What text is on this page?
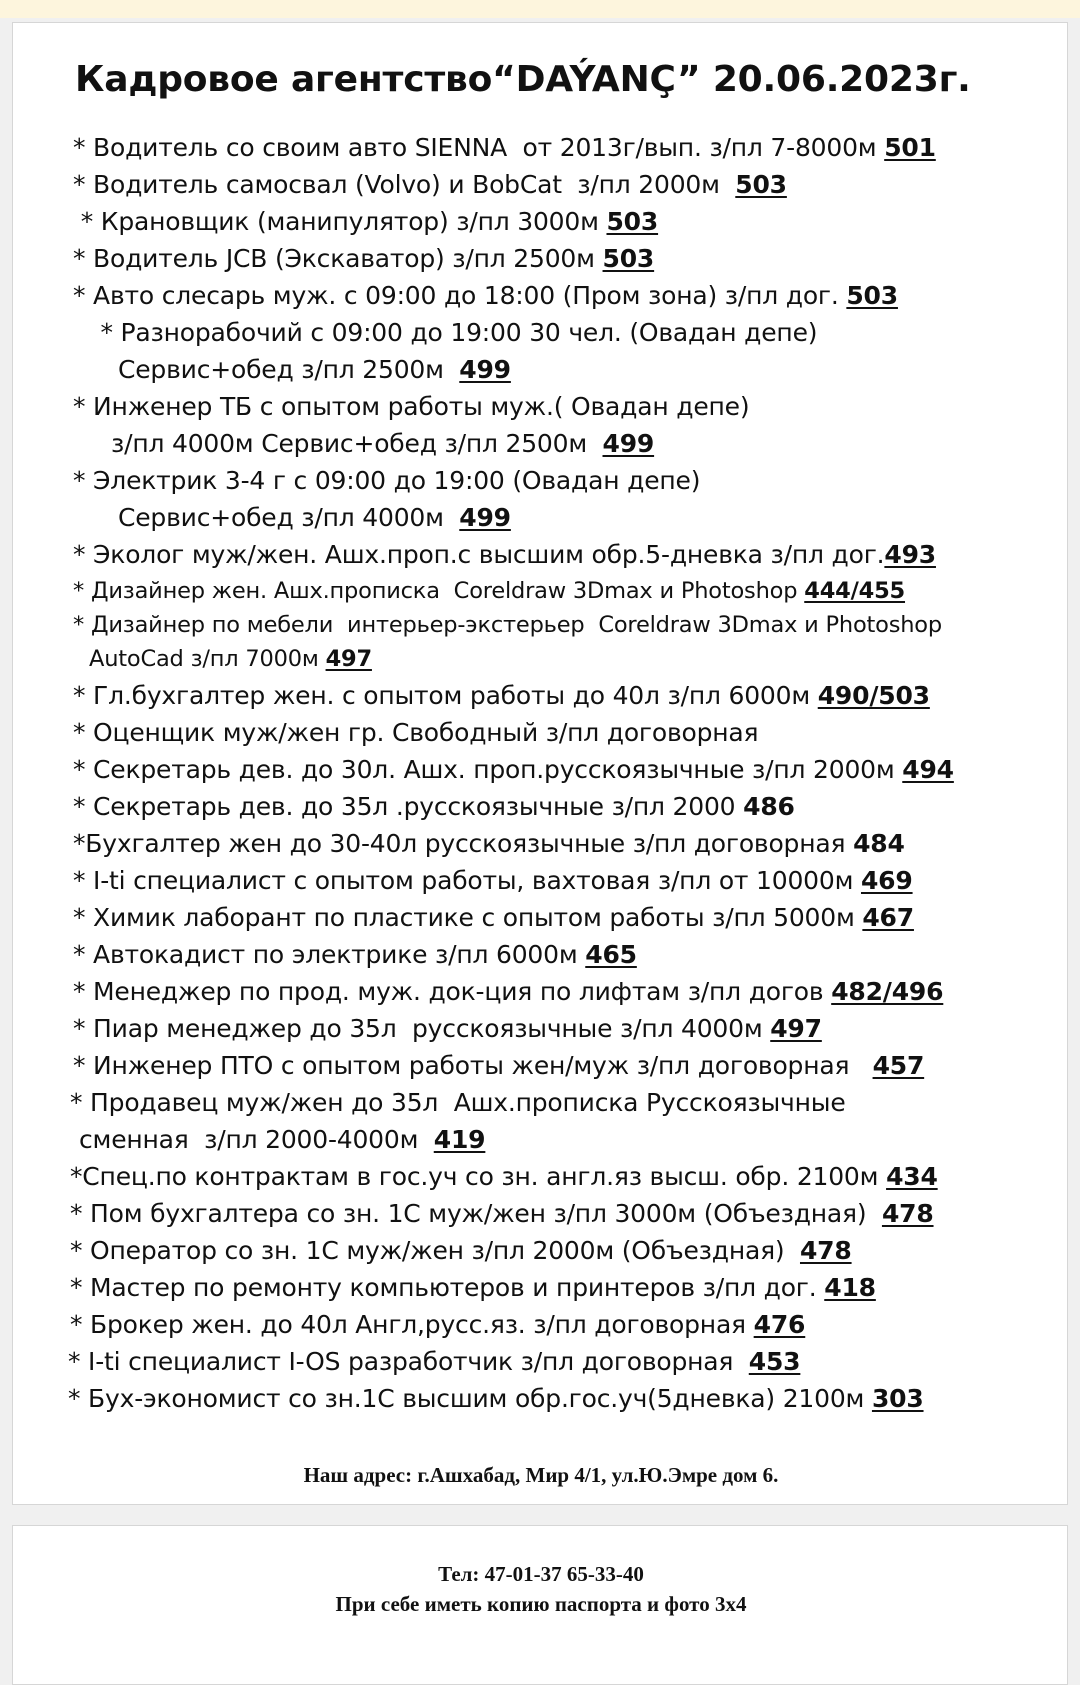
Кадровое агентство“DAÝANÇ” 20.06.2023г.
* Водитель со своим авто SIENNA  от 2013г/вып. з/пл 7-8000м 501
* Водитель самосвал (Volvo) и BobCat  з/пл 2000м  503
* Крановщик (манипулятор) з/пл 3000м 503
* Водитель JCB (Экскаватор) з/пл 2500м 503
* Авто слесарь муж. с 09:00 до 18:00 (Пром зона) з/пл дог. 503
* Разнорабочий с 09:00 до 19:00 30 чел. (Овадан депе)
Сервис+обед з/пл 2500м  499
* Инженер ТБ с опытом работы муж.( Овадан депе)
з/пл 4000м Сервис+обед з/пл 2500м  499
* Электрик 3-4 г с 09:00 до 19:00 (Овадан депе)
Сервис+обед з/пл 4000м  499
* Эколог муж/жен. Ашх.проп.с высшим обр.5-дневка з/пл дог.493
* Дизайнер жен. Ашх.прописка  Coreldraw 3Dmax и Photoshop 444/455
* Дизайнер по мебели  интерьер-экстерьер  Coreldraw 3Dmax и Photoshop
AutoCad з/пл 7000м 497
* Гл.бухгалтер жен. с опытом работы до 40л з/пл 6000м 490/503
* Оценщик муж/жен гр. Свободный з/пл договорная
* Секретарь дев. до 30л. Ашх. проп.русскоязычные з/пл 2000м 494
* Секретарь дев. до 35л .русскоязычные з/пл 2000 486
*Бухгалтер жен до 30-40л русскоязычные з/пл договорная 484
* I-ti специалист с опытом работы, вахтовая з/пл от 10000м 469
* Химик лаборант по пластике с опытом работы з/пл 5000м 467
* Автокадист по электрике з/пл 6000м 465
* Менеджер по прод. муж. док-ция по лифтам з/пл догов 482/496
* Пиар менеджер до 35л  русскоязычные з/пл 4000м 497
* Инженер ПТО с опытом работы жен/муж з/пл договорная   457
* Продавец муж/жен до 35л  Ашх.прописка Русскоязычные
сменная  з/пл 2000-4000м  419
*Спец.по контрактам в гос.уч со зн. англ.яз высш. обр. 2100м 434
* Пом бухгалтера со зн. 1С муж/жен з/пл 3000м (Объездная)  478
* Оператор со зн. 1С муж/жен з/пл 2000м (Объездная)  478
* Мастер по ремонту компьютеров и принтеров з/пл дог. 418
* Брокер жен. до 40л Англ,русс.яз. з/пл договорная 476
* I-ti специалист I-OS разработчик з/пл договорная  453
* Бух-экономист со зн.1С высшим обр.гос.уч(5дневка) 2100м 303
Наш адрес: г.Ашхабад, Мир 4/1, ул.Ю.Эмре дом 6.
Тел: 47-01-37 65-33-40
При себе иметь копию паспорта и фото 3х4
